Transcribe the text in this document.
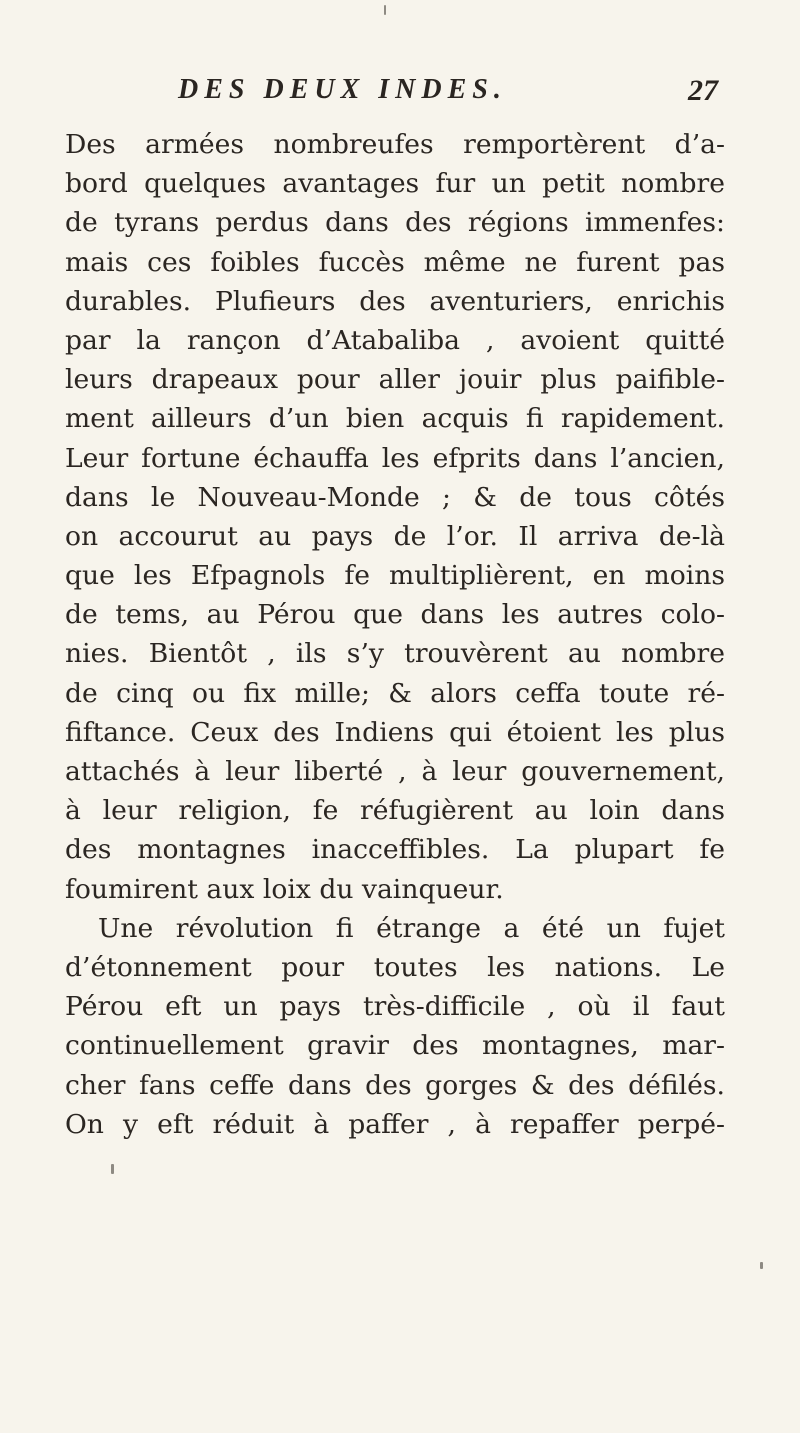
DES DEUX INDES.	27
Des armées nombreufes remportèrent d’a-
bord quelques avantages fur un petit nombre
de tyrans perdus dans des régions immenfes:
mais ces foibles fuccès même ne furent pas
durables. Plufieurs des aventuriers, enrichis
par la rançon d’Atabaliba , avoient quitté
leurs drapeaux pour aller jouir plus paifible-
ment ailleurs d’un bien acquis fi rapidement.
Leur fortune échauffa les efprits dans l’ancien,
dans le Nouveau-Monde ; & de tous côtés
on accourut au pays de l’or. Il arriva de-là
que les Efpagnols fe multiplièrent, en moins
de tems, au Pérou que dans les autres colo-
nies. Bientôt , ils s’y trouvèrent au nombre
de cinq ou fix mille; & alors ceffa toute ré-
fiftance. Ceux des Indiens qui étoient les plus
attachés à leur liberté , à leur gouvernement,
à leur religion, fe réfugièrent au loin dans
des montagnes inacceffibles. La plupart fe
foumirent aux loix du vainqueur.
Une révolution fi étrange a été un fujet
d’étonnement pour toutes les nations. Le
Pérou eft un pays très-difficile , où il faut
continuellement gravir des montagnes, mar-
cher fans ceffe dans des gorges & des défilés.
On y eft réduit à paffer , à repaffer perpé-
